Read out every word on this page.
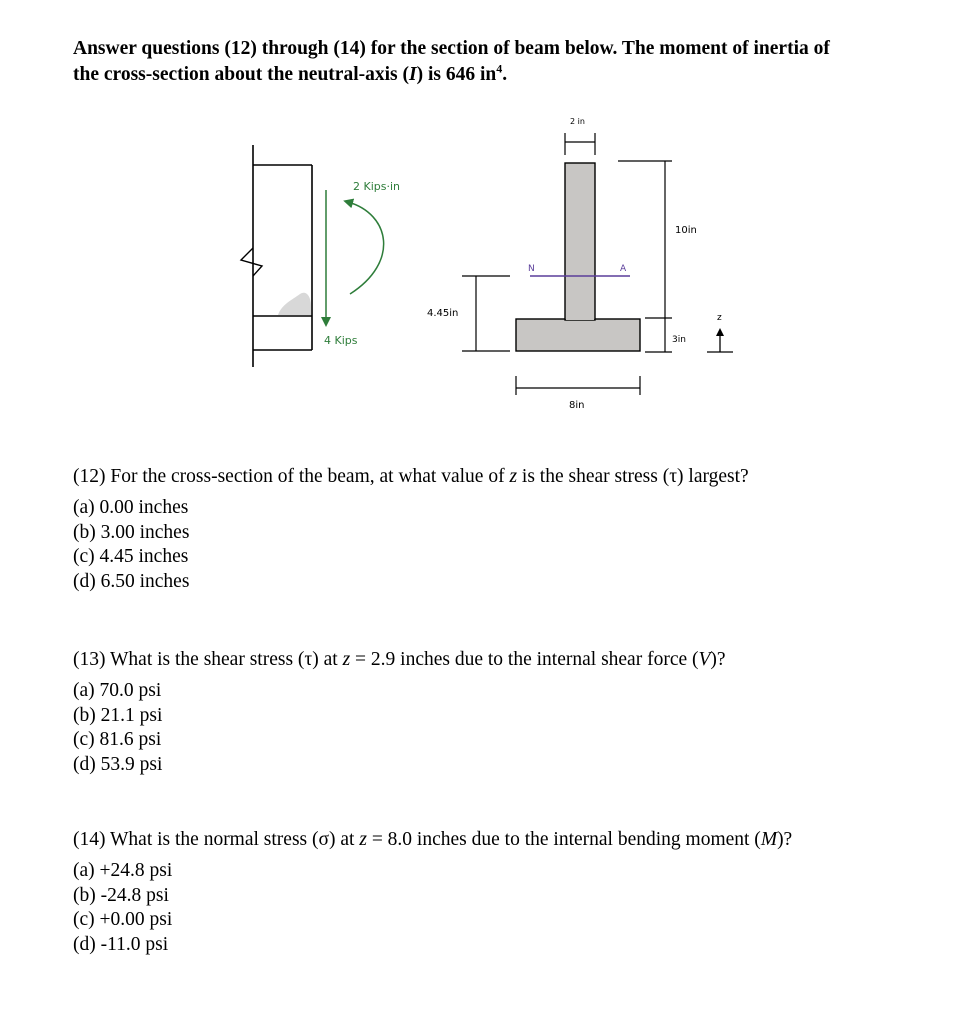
Answer questions (12) through (14) for the section of beam below. The moment of inertia of
the cross-section about the neutral-axis (I) is 646 $in^4$.
4 Kips
2 Kips·in
N	A
2 in
10in
3in
4.45in
8in
z
(12) For the cross-section of the beam, at what value of z is the shear stress (τ) largest?
(a) 0.00 inches
(b) 3.00 inches
(c) 4.45 inches
(d) 6.50 inches
(13) What is the shear stress (τ) at z = 2.9 inches due to the internal shear force (V)?
(a) 70.0 psi
(b) 21.1 psi
(c) 81.6 psi
(d) 53.9 psi
(14) What is the normal stress (σ) at z = 8.0 inches due to the internal bending moment (M)?
(a) +24.8 psi
(b) -24.8 psi
(c) +0.00 psi
(d) -11.0 psi
